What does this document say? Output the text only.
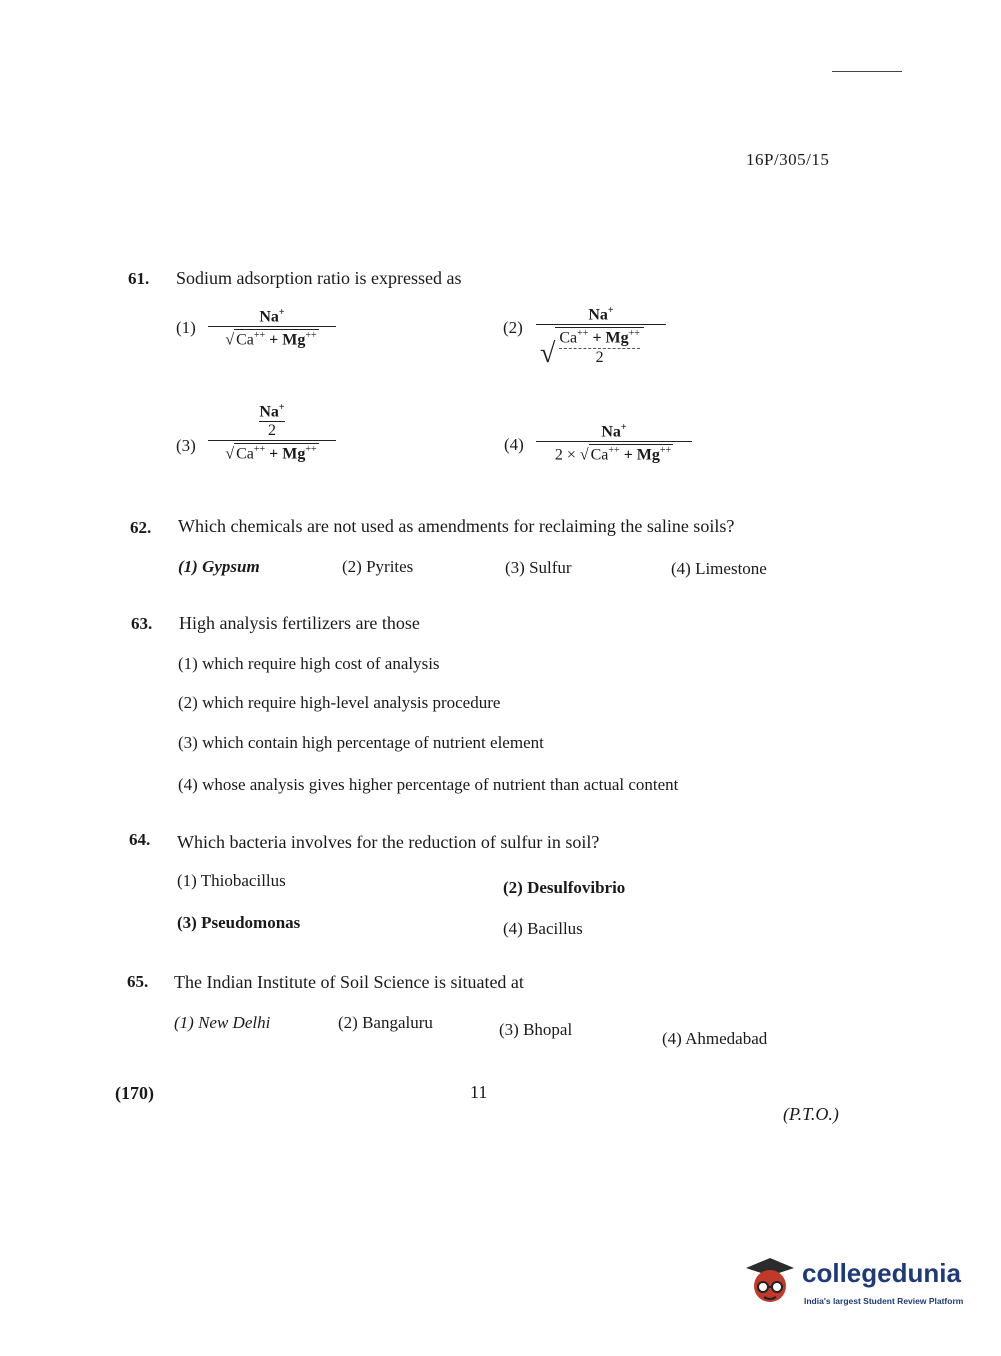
16P/305/15
61. Sodium adsorption ratio is expressed as
$(1) \frac{Na^+}{√ Ca^{++} + Mg^{++}}$	(2) Na+
√ Ca++ + Mg++
2
$(3) \frac{\frac{Na^+}{2}}{√ Ca^{++} + Mg^{++}}$	$(4) \frac{Na^+}{2 \times √ Ca^{++} + Mg^{++}}$
62. Which chemicals are not used as amendments for reclaiming the saline soils?
(1) Gypsum	(2) Pyrites	(3) Sulfur	(4) Limestone
63. High analysis fertilizers are those
(1) which require high cost of analysis
(2) which require high-level analysis procedure
(3) which contain high percentage of nutrient element
(4) whose analysis gives higher percentage of nutrient than actual content
64. Which bacteria involves for the reduction of sulfur in soil?
(1) Thiobacillus	(2) Desulfovibrio
(3) Pseudomonas	(4) Bacillus
65. The Indian Institute of Soil Science is situated at
(1) New Delhi	(2) Bangaluru	(3) Bhopal	(4) Ahmedabad
(170)	11
(P.T.O.)
collegedunia
India's largest Student Review Platform
